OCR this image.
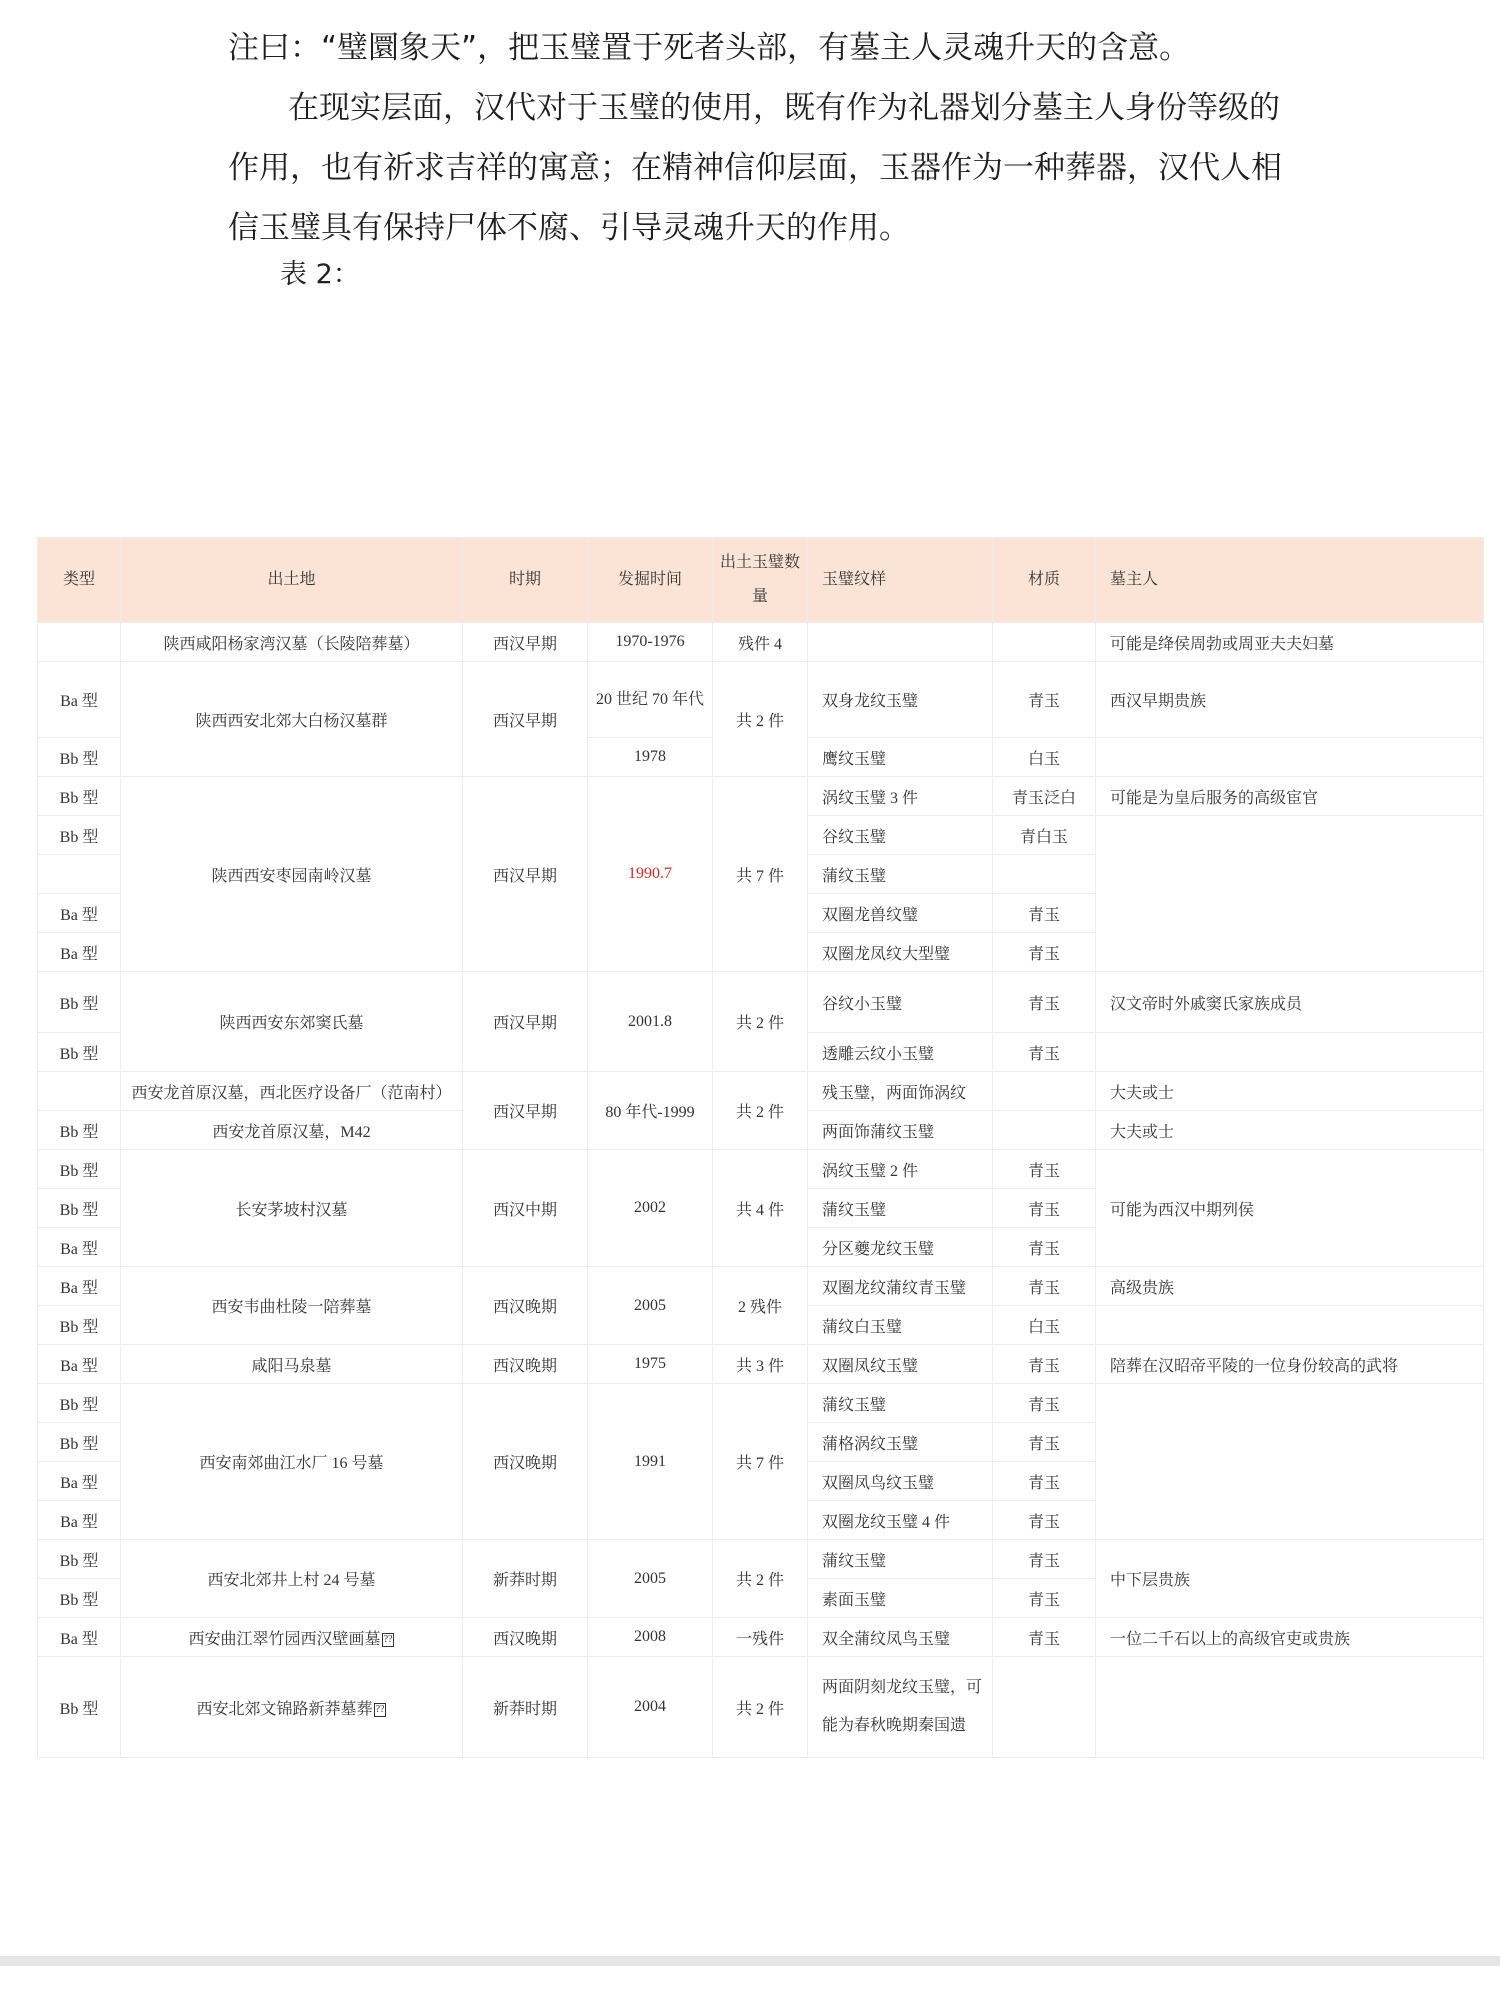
注曰：“璧圜象天”，把玉璧置于死者头部，有墓主人灵魂升天的含意。
在现实层面，汉代对于玉璧的使用，既有作为礼器划分墓主人身份等级的作用，也有祈求吉祥的寓意；在精神信仰层面，玉器作为一种葬器，汉代人相信玉璧具有保持尸体不腐、引导灵魂升天的作用。
表 2：
类型	出土地	时期	发掘时间	出土玉璧数量	玉璧纹样	材质	墓主人
	陕西咸阳杨家湾汉墓（长陵陪葬墓）	西汉早期	1970-1976	残件 4			可能是绛侯周勃或周亚夫夫妇墓
Ba 型	陕西西安北郊大白杨汉墓群	西汉早期	20 世纪 70 年代	共 2 件	双身龙纹玉璧	青玉	西汉早期贵族
Bb 型			1978		鹰纹玉璧	白玉	
Bb 型	陕西西安枣园南岭汉墓	西汉早期	1990.7	共 7 件	涡纹玉璧 3 件	青玉泛白	可能是为皇后服务的高级宦官
Bb 型					谷纹玉璧	青白玉	
					蒲纹玉璧		
Ba 型					双圈龙兽纹璧	青玉	
Ba 型					双圈龙凤纹大型璧	青玉	
Bb 型	陕西西安东郊窦氏墓	西汉早期	2001.8	共 2 件	谷纹小玉璧	青玉	汉文帝时外戚窦氏家族成员
Bb 型					透雕云纹小玉璧	青玉	
	西安龙首原汉墓，西北医疗设备厂（范南村）	西汉早期	80 年代-1999	共 2 件	残玉璧，两面饰涡纹		大夫或士
Bb 型	西安龙首原汉墓，M42				两面饰蒲纹玉璧		大夫或士
Bb 型	长安茅坡村汉墓	西汉中期	2002	共 4 件	涡纹玉璧 2 件	青玉	可能为西汉中期列侯
Bb 型					蒲纹玉璧	青玉	
Ba 型					分区夔龙纹玉璧	青玉	
Ba 型	西安韦曲杜陵一陪葬墓	西汉晚期	2005	2 残件	双圈龙纹蒲纹青玉璧	青玉	高级贵族
Bb 型					蒲纹白玉璧	白玉	
Ba 型	咸阳马泉墓	西汉晚期	1975	共 3 件	双圈凤纹玉璧	青玉	陪葬在汉昭帝平陵的一位身份较高的武将
Bb 型	西安南郊曲江水厂 16 号墓	西汉晚期	1991	共 7 件	蒲纹玉璧	青玉	
Bb 型					蒲格涡纹玉璧	青玉	
Ba 型					双圈凤鸟纹玉璧	青玉	
Ba 型					双圈龙纹玉璧 4 件	青玉	
Bb 型	西安北郊井上村 24 号墓	新莽时期	2005	共 2 件	蒲纹玉璧	青玉	中下层贵族
Bb 型					素面玉璧	青玉	
Ba 型	西安曲江翠竹园西汉壁画墓 ??	西汉晚期	2008	一残件	双全蒲纹凤鸟玉璧	青玉	一位二千石以上的高级官吏或贵族
Bb 型	西安北郊文锦路新莽墓葬 ??	新莽时期	2004	共 2 件	两面阴刻龙纹玉璧，可能为春秋晚期秦国遗		
